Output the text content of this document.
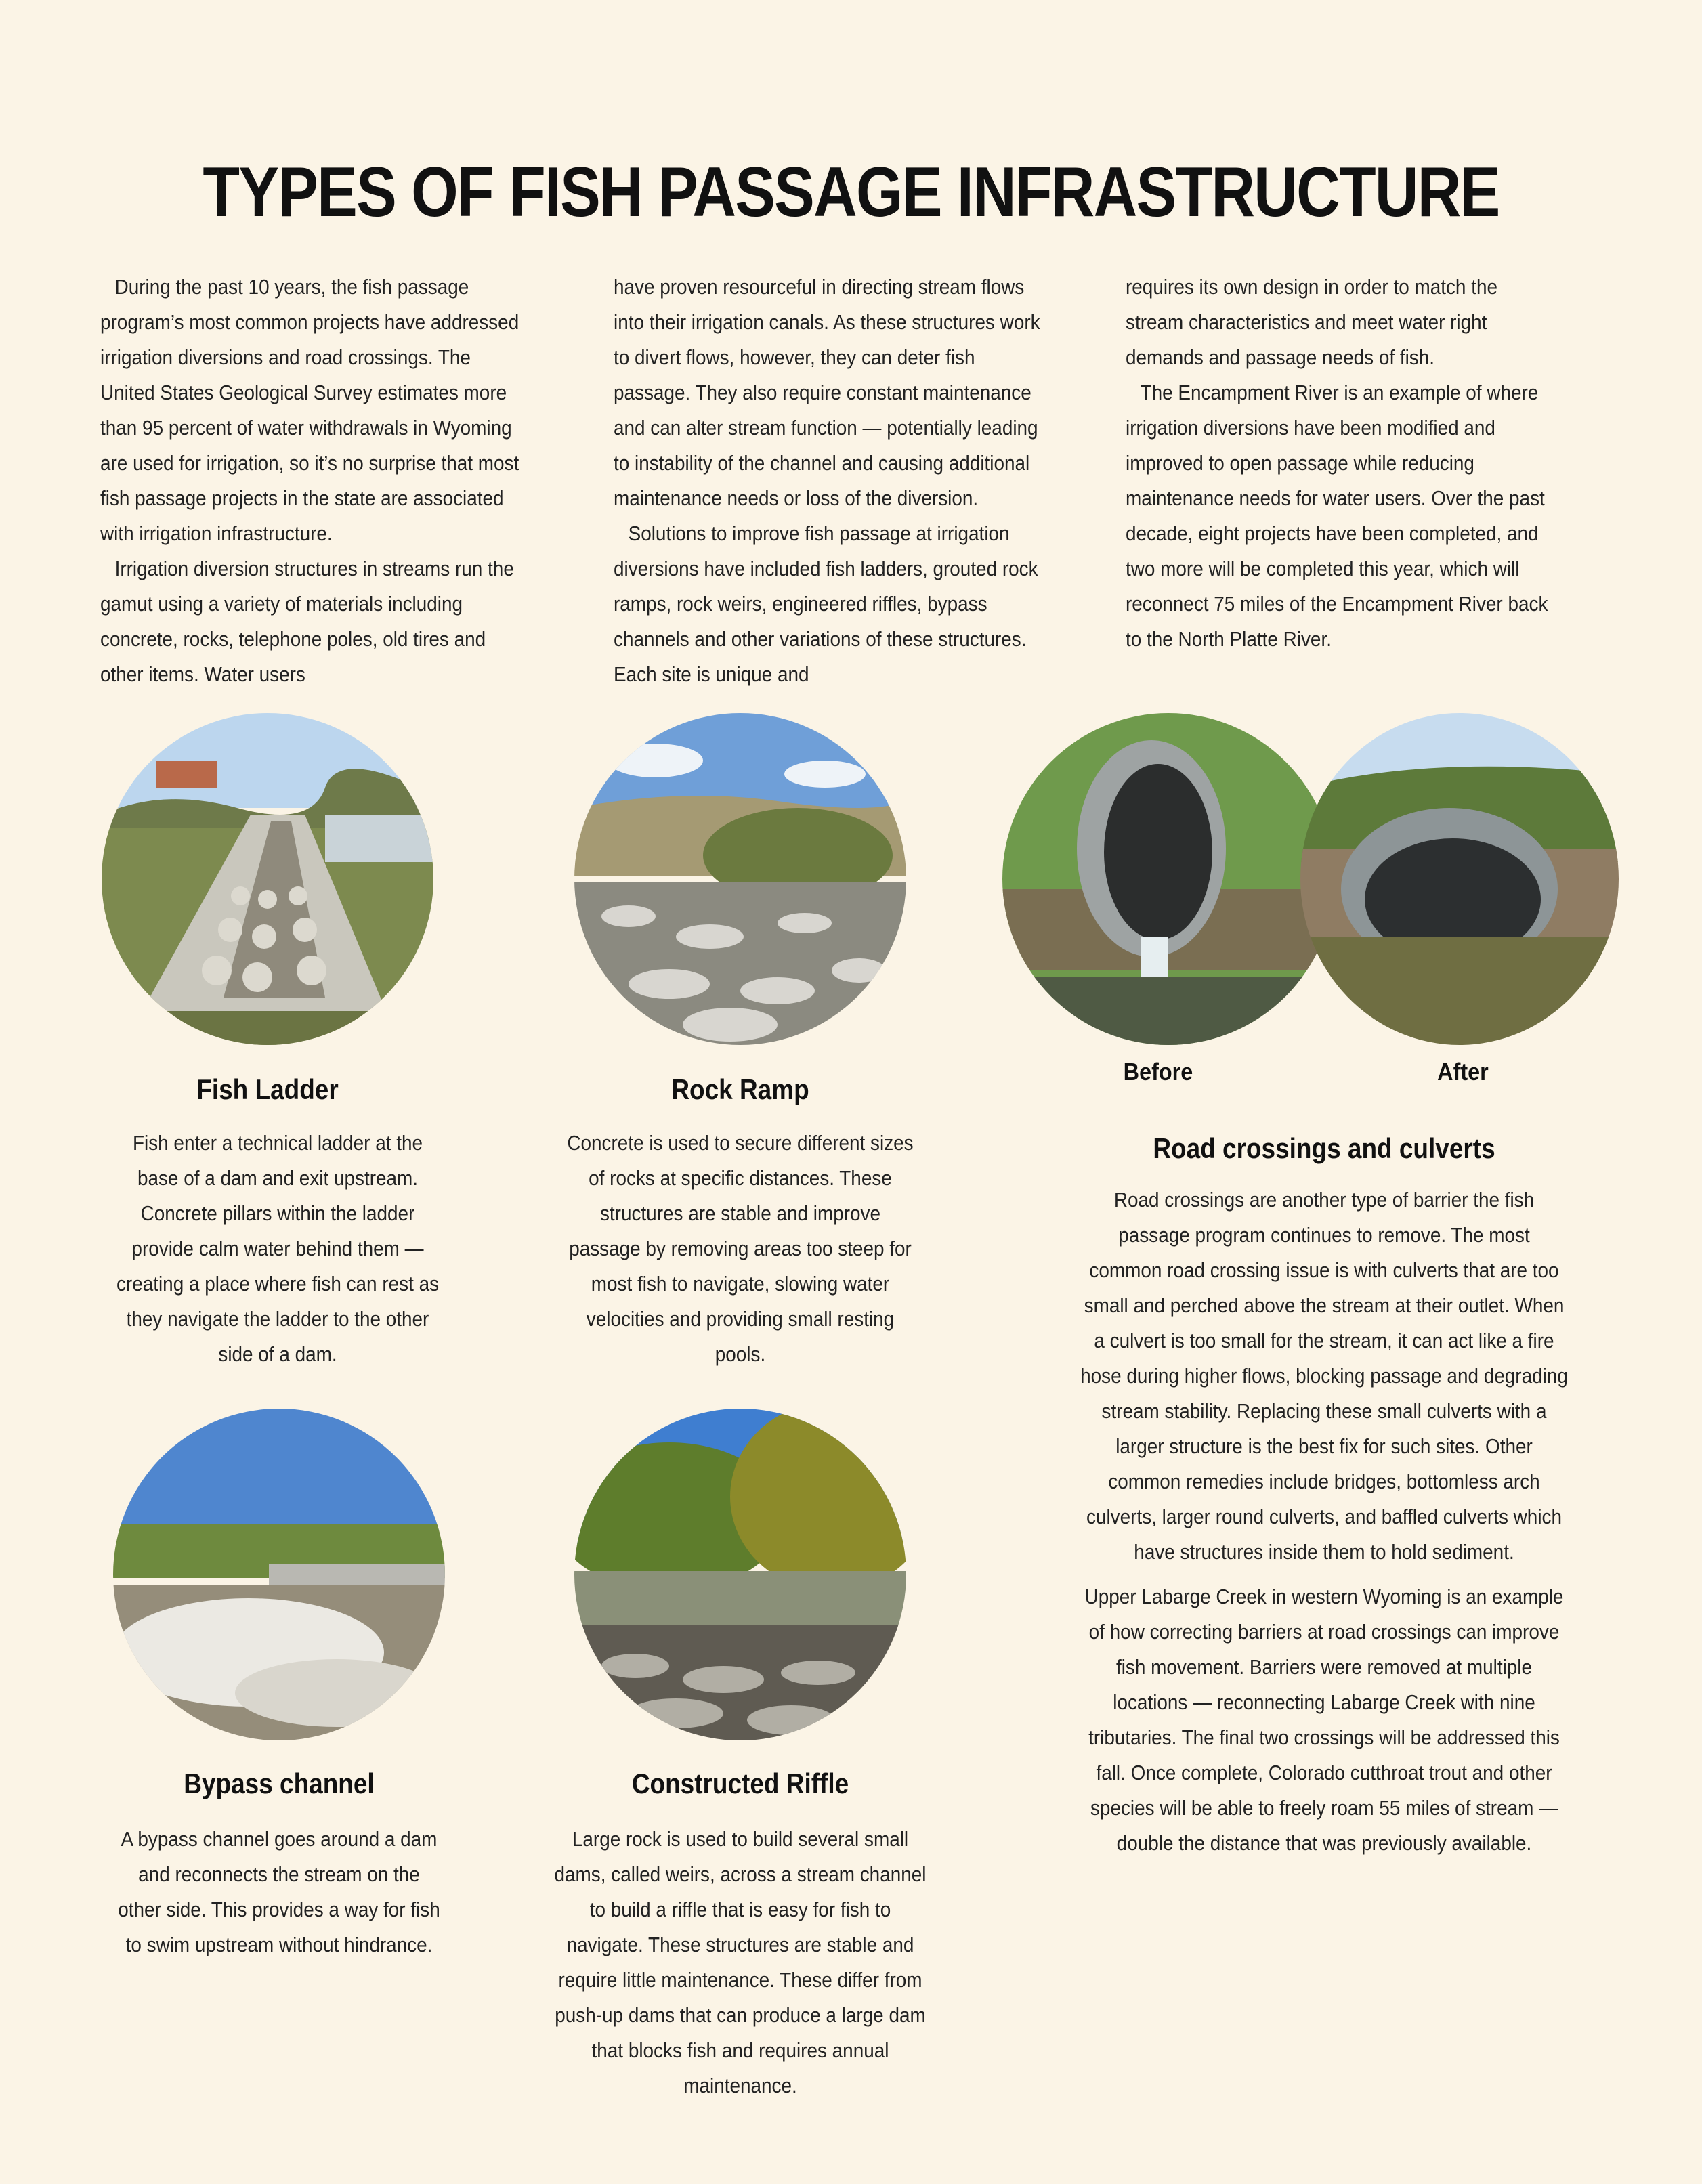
TYPES OF FISH PASSAGE INFRASTRUCTURE

During the past 10 years, the fish passage program’s most common projects have addressed irrigation diversions and road crossings. The United States Geological Survey estimates more than 95 percent of water withdrawals in Wyoming are used for irrigation, so it’s no surprise that most fish passage projects in the state are associated with irrigation infrastructure.

Irrigation diversion structures in streams run the gamut using a variety of materials including concrete, rocks, telephone poles, old tires and other items. Water users

have proven resourceful in directing stream flows into their irrigation canals. As these structures work to divert flows, however, they can deter fish passage. They also require constant maintenance and can alter stream function — potentially leading to instability of the channel and causing additional maintenance needs or loss of the diversion.

Solutions to improve fish passage at irrigation diversions have included fish ladders, grouted rock ramps, rock weirs, engineered riffles, bypass channels and other variations of these structures. Each site is unique and

requires its own design in order to match the stream characteristics and meet water right demands and passage needs of fish.

The Encampment River is an example of where irrigation diversions have been modified and improved to open passage while reducing maintenance needs for water users. Over the past decade, eight projects have been completed, and two more will be completed this year, which will reconnect 75 miles of the Encampment River back to the North Platte River.

Fish Ladder
Fish enter a technical ladder at the base of a dam and exit upstream. Concrete pillars within the ladder provide calm water behind them — creating a place where fish can rest as they navigate the ladder to the other side of a dam.
Rock Ramp
Concrete is used to secure different sizes of rocks at specific distances. These structures are stable and improve passage by removing areas too steep for most fish to navigate, slowing water velocities and providing small resting pools.
Before	After
Road crossings and culverts

Road crossings are another type of barrier the fish passage program continues to remove. The most common road crossing issue is with culverts that are too small and perched above the stream at their outlet. When a culvert is too small for the stream, it can act like a fire hose during higher flows, blocking passage and degrading stream stability. Replacing these small culverts with a larger structure is the best fix for such sites. Other common remedies include bridges, bottomless arch culverts, larger round culverts, and baffled culverts which have structures inside them to hold sediment.

Upper Labarge Creek in western Wyoming is an example of how correcting barriers at road crossings can improve fish movement. Barriers were removed at multiple locations — reconnecting Labarge Creek with nine tributaries. The final two crossings will be addressed this fall. Once complete, Colorado cutthroat trout and other species will be able to freely roam 55 miles of stream — double the distance that was previously available.

Bypass channel
A bypass channel goes around a dam and reconnects the stream on the other side. This provides a way for fish to swim upstream without hindrance.
Constructed Riffle
Large rock is used to build several small dams, called weirs, across a stream channel to build a riffle that is easy for fish to navigate. These structures are stable and require little maintenance. These differ from push-up dams that can produce a large dam that blocks fish and requires annual maintenance.
